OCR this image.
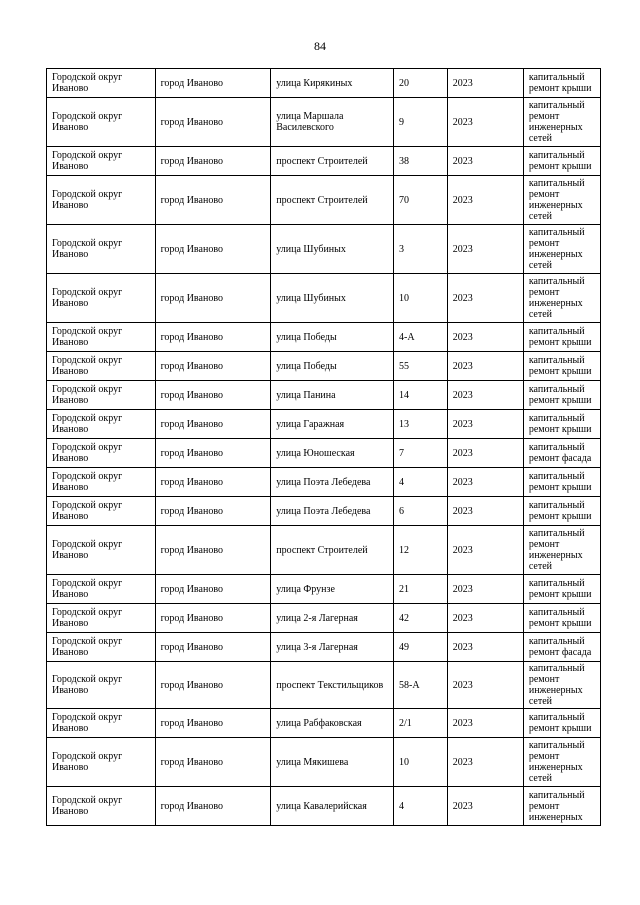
84
Городской округ Иваново	город Иваново	улица Кирякиных	20	2023	капитальный ремонт крыши
Городской округ Иваново	город Иваново	улица Маршала Василевского	9	2023	капитальный ремонт инженерных сетей
Городской округ Иваново	город Иваново	проспект Строителей	38	2023	капитальный ремонт крыши
Городской округ Иваново	город Иваново	проспект Строителей	70	2023	капитальный ремонт инженерных сетей
Городской округ Иваново	город Иваново	улица Шубиных	3	2023	капитальный ремонт инженерных сетей
Городской округ Иваново	город Иваново	улица Шубиных	10	2023	капитальный ремонт инженерных сетей
Городской округ Иваново	город Иваново	улица Победы	4-А	2023	капитальный ремонт крыши
Городской округ Иваново	город Иваново	улица Победы	55	2023	капитальный ремонт крыши
Городской округ Иваново	город Иваново	улица Панина	14	2023	капитальный ремонт крыши
Городской округ Иваново	город Иваново	улица Гаражная	13	2023	капитальный ремонт крыши
Городской округ Иваново	город Иваново	улица Юношеская	7	2023	капитальный ремонт фасада
Городской округ Иваново	город Иваново	улица Поэта Лебедева	4	2023	капитальный ремонт крыши
Городской округ Иваново	город Иваново	улица Поэта Лебедева	6	2023	капитальный ремонт крыши
Городской округ Иваново	город Иваново	проспект Строителей	12	2023	капитальный ремонт инженерных сетей
Городской округ Иваново	город Иваново	улица Фрунзе	21	2023	капитальный ремонт крыши
Городской округ Иваново	город Иваново	улица 2-я Лагерная	42	2023	капитальный ремонт крыши
Городской округ Иваново	город Иваново	улица 3-я Лагерная	49	2023	капитальный ремонт фасада
Городской округ Иваново	город Иваново	проспект Текстильщиков	58-А	2023	капитальный ремонт инженерных сетей
Городской округ Иваново	город Иваново	улица Рабфаковская	2/1	2023	капитальный ремонт крыши
Городской округ Иваново	город Иваново	улица Мякишева	10	2023	капитальный ремонт инженерных сетей
Городской округ Иваново	город Иваново	улица Кавалерийская	4	2023	капитальный ремонт инженерных
